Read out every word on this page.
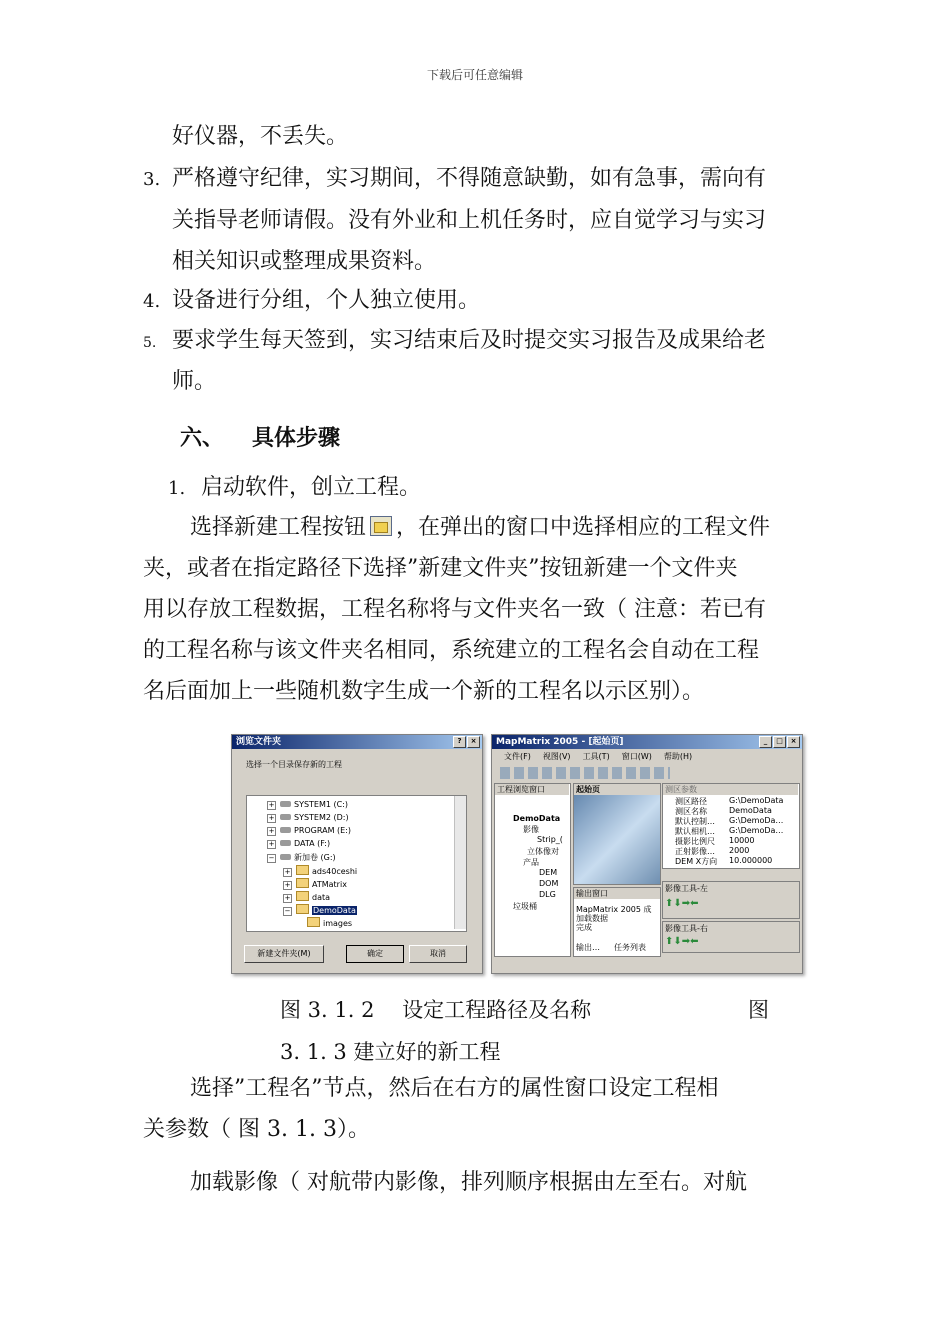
下载后可任意编辑
好仪器，不丢失。
3. 严格遵守纪律，实习期间，不得随意缺勤，如有急事，需向有
关指导老师请假。没有外业和上机任务时，应自觉学习与实习
相关知识或整理成果资料。
4. 设备进行分组，个人独立使用。
5. 要求学生每天签到，实习结束后及时提交实习报告及成果给老
师。
六、 具体步骤
1. 启动软件，创立工程。
选择新建工程按钮 ，在弹出的窗口中选择相应的工程文件
夹，或者在指定路径下选择”新建文件夹”按钮新建一个文件夹
用以存放工程数据，工程名称将与文件夹名一致（ 注意：若已有
的工程名称与该文件夹名相同，系统建立的工程名会自动在工程
名后面加上一些随机数字生成一个新的工程名以示区别）。
浏览文件夹	?	×
选择一个目录保存新的工程
+ SYSTEM1 (C:)
+ SYSTEM2 (D:)
+ PROGRAM (E:)
+ DATA (F:)
− 新加卷 (G:)
+	ads40ceshi
+	ATMatrix
+	data
−	DemoData
images
新建文件夹(M)	确定	取消
MapMatrix 2005 - [起始页]	_	□	×
文件(F) 视图(V) 工具(T) 窗口(W) 帮助(H)
工程浏览窗口
DemoData
影像
Strip_(
立体像对
产品
DEM
DOM
DLG
垃圾桶
起始页
输出窗口
MapMatrix 2005 成
加载数据
完成
输出… 任务列表
测区参数
测区路径	G:\DemoData
测区名称	DemoData
默认控制… G:\DemoDa…
默认相机… G:\DemoDa…
摄影比例尺 10000
正射影像… 2000
DEM X方向 10.000000
影像工具-左
⬆⬇➡⬅
影像工具-右
⬆⬇➡⬅
图 3. 1. 2　 设定工程路径及名称	图
3. 1. 3 建立好的新工程
选择”工程名”节点，然后在右方的属性窗口设定工程相
关参数（ 图 3. 1. 3）。
加载影像（ 对航带内影像，排列顺序根据由左至右。对航
